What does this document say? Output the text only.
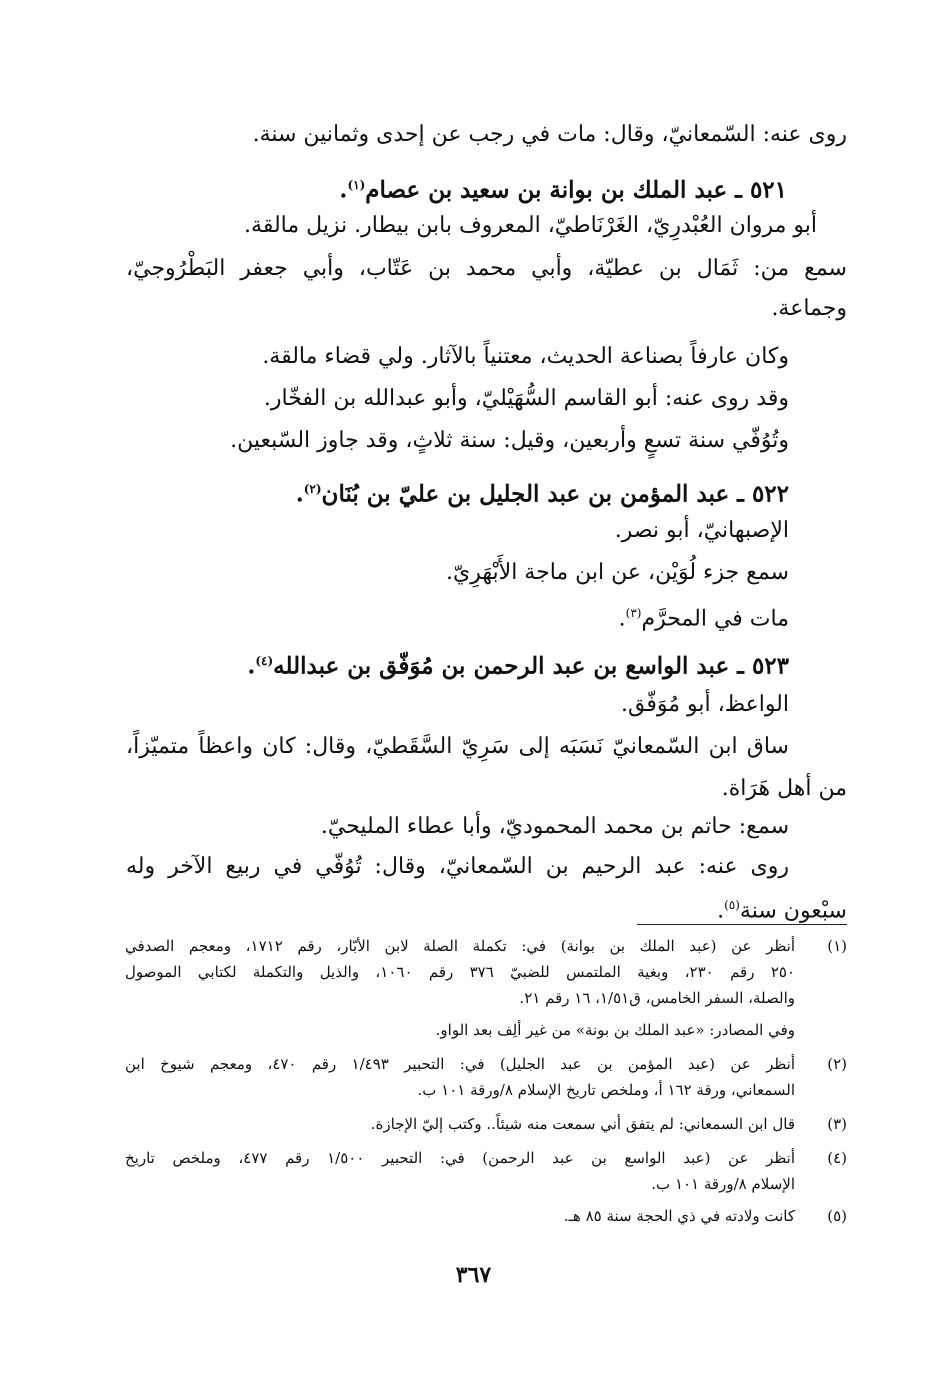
روى عنه: السّمعانيّ، وقال: مات في رجب عن إحدى وثمانين سنة.
٥٢١ ـ عبد الملك بن بوانة بن سعيد بن عصام$^{(١)}$.
أبو مروان العُبْدرِيّ، الغَرْنَاطيّ، المعروف بابن بيطار. نزيل مالقة.
سمع من: ثَمَال بن عطيّة، وأبي محمد بن عَتّاب، وأبي جعفر البَطْرُوجيّ،
وجماعة.
وكان عارفاً بصناعة الحديث، معتنياً بالآثار. ولي قضاء مالقة.
وقد روى عنه: أبو القاسم السُّهَيْليّ، وأبو عبدالله بن الفخّار.
وتُوُفّي سنة تسعٍ وأربعين، وقيل: سنة ثلاثٍ، وقد جاوز السّبعين.
٥٢٢ ـ عبد المؤمن بن عبد الجليل بن عليّ بن بُنَان$^{(٢)}$.
الإصبهانيّ، أبو نصر.
سمع جزء لُوَيْن، عن ابن ماجة الأَبْهَرِيّ.
مات في المحرَّم$^{(٣)}$.
٥٢٣ ـ عبد الواسع بن عبد الرحمن بن مُوَفّق بن عبدالله$^{(٤)}$.
الواعظ، أبو مُوَفّق.
ساق ابن السّمعانيّ نَسَبَه إلى سَرِيّ السَّقَطيّ، وقال: كان واعظاً متميّزاً،
من أهل هَرَاة.
سمع: حاتم بن محمد المحموديّ، وأبا عطاء المليحيّ.
روى عنه: عبد الرحيم بن السّمعانيّ، وقال: تُوُفّي في ربيع الآخر وله
سبْعون سنة$^{(٥)}$.
(١)
أنظر عن (عبد الملك بن بوانة) في: تكملة الصلة لابن الأبّار، رقم ١٧١٢، ومعجم الصدفي
٢٥٠ رقم ٢٣٠، وبغية الملتمس للضبيّ ٣٧٦ رقم ١٠٦٠، والذيل والتكملة لكتابي الموصول
والصلة، السفر الخامس، ق١/٥١، ١٦ رقم ٢١.
وفي المصادر: «عبد الملك بن بونة» من غير ألِف بعد الواو.
(٢)
أنظر عن (عبد المؤمن بن عبد الجليل) في: التحبير ١/٤٩٣ رقم ٤٧٠، ومعجم شيوخ ابن
السمعاني، ورقة ١٦٢ أ، وملخص تاريخ الإسلام ٨/ورقة ١٠١ ب.
(٣)
قال ابن السمعاني: لم يتفق أني سمعت منه شيئاً.. وكتب إليّ الإجازة.
(٤)
أنظر عن (عبد الواسع بن عبد الرحمن) في: التحبير ١/٥٠٠ رقم ٤٧٧، وملخص تاريخ
الإسلام ٨/ورقة ١٠١ ب.
(٥)
كانت ولادته في ذي الحجة سنة ٨٥ هـ.
٣٦٧
